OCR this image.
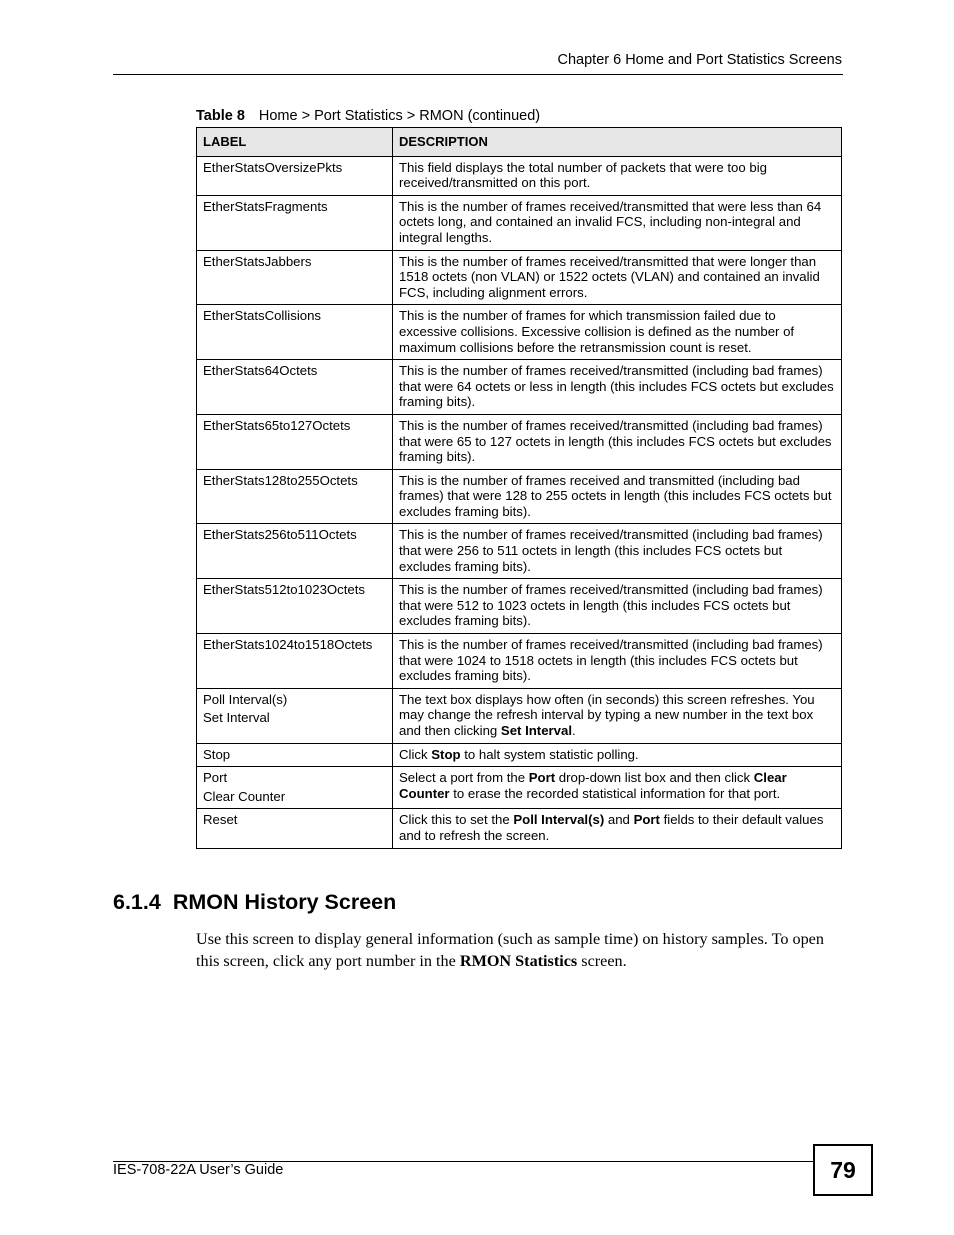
Chapter 6 Home and Port Statistics Screens
Table 8 Home > Port Statistics > RMON (continued)
LABEL	DESCRIPTION
EtherStatsOversizePkts	This field displays the total number of packets that were too big received/transmitted on this port.
EtherStatsFragments	This is the number of frames received/transmitted that were less than 64 octets long, and contained an invalid FCS, including non-integral and integral lengths.
EtherStatsJabbers	This is the number of frames received/transmitted that were longer than 1518 octets (non VLAN) or 1522 octets (VLAN) and contained an invalid FCS, including alignment errors.
EtherStatsCollisions	This is the number of frames for which transmission failed due to excessive collisions. Excessive collision is defined as the number of maximum collisions before the retransmission count is reset.
EtherStats64Octets	This is the number of frames received/transmitted (including bad frames) that were 64 octets or less in length (this includes FCS octets but excludes framing bits).
EtherStats65to127Octets	This is the number of frames received/transmitted (including bad frames) that were 65 to 127 octets in length (this includes FCS octets but excludes framing bits).
EtherStats128to255Octets	This is the number of frames received and transmitted (including bad frames) that were 128 to 255 octets in length (this includes FCS octets but excludes framing bits).
EtherStats256to511Octets	This is the number of frames received/transmitted (including bad frames) that were 256 to 511 octets in length (this includes FCS octets but excludes framing bits).
EtherStats512to1023Octets	This is the number of frames received/transmitted (including bad frames) that were 512 to 1023 octets in length (this includes FCS octets but excludes framing bits).
EtherStats1024to1518Octets	This is the number of frames received/transmitted (including bad frames) that were 1024 to 1518 octets in length (this includes FCS octets but excludes framing bits).
Poll Interval(s)
Set Interval	The text box displays how often (in seconds) this screen refreshes. You may change the refresh interval by typing a new number in the text box and then clicking Set Interval.
Stop	Click Stop to halt system statistic polling.
Port
Clear Counter	Select a port from the Port drop-down list box and then click Clear Counter to erase the recorded statistical information for that port.
Reset	Click this to set the Poll Interval(s) and Port fields to their default values and to refresh the screen.
6.1.4 RMON History Screen

Use this screen to display general information (such as sample time) on history samples. To open this screen, click any port number in the RMON Statistics screen.

IES-708-22A User’s Guide	79
